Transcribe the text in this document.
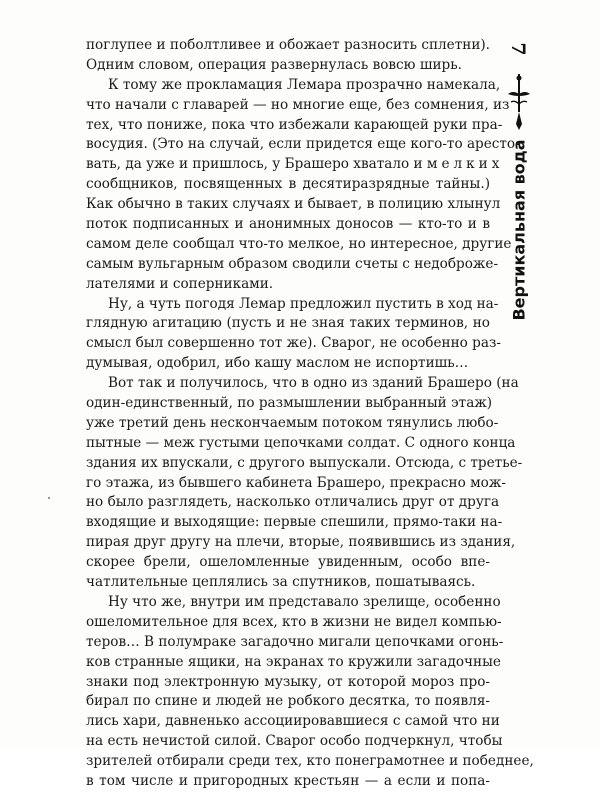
поглупее и поболтливее и обожает разносить сплетни).
Одним словом, операция развернулась вовсю ширь.
К тому же прокламация Лемара прозрачно намекала,
что начали с главарей — но многие еще, без сомнения, из
тех, что пониже, пока что избежали карающей руки пра-
восудия. (Это на случай, если придется еще кого-то аресто-
вать, да уже и пришлось, у Брашеро хватало и мелких
сообщников, посвященных в десятиразрядные тайны.)
Как обычно в таких случаях и бывает, в полицию хлынул
поток подписанных и анонимных доносов — кто-то и в
самом деле сообщал что-то мелкое, но интересное, другие
самым вульгарным образом сводили счеты с недоброже-
лателями и соперниками.
Ну, а чуть погодя Лемар предложил пустить в ход на-
глядную агитацию (пусть и не зная таких терминов, но
смысл был совершенно тот же). Сварог, не особенно раз-
думывая, одобрил, ибо кашу маслом не испортишь…
Вот так и получилось, что в одно из зданий Брашеро (на
один-единственный, по размышлении выбранный этаж)
уже третий день нескончаемым потоком тянулись любо-
пытные — меж густыми цепочками солдат. С одного конца
здания их впускали, с другого выпускали. Отсюда, с третье-
го этажа, из бывшего кабинета Брашеро, прекрасно мож-
но было разглядеть, насколько отличались друг от друга
входящие и выходящие: первые спешили, прямо-таки на-
пирая друг другу на плечи, вторые, появившись из здания,
скорее брели, ошеломленные увиденным, особо впе-
чатлительные цеплялись за спутников, пошатываясь.
Ну что же, внутри им представало зрелище, особенно
ошеломительное для всех, кто в жизни не видел компью-
теров… В полумраке загадочно мигали цепочками огонь-
ков странные ящики, на экранах то кружили загадочные
знаки под электронную музыку, от которой мороз про-
бирал по спине и людей не робкого десятка, то появля-
лись хари, давненько ассоциировавшиеся с самой что ни
на есть нечистой силой. Сварог особо подчеркнул, чтобы
зрителей отбирали среди тех, кто понеграмотнее и победнее,
в том числе и пригородных крестьян — а если и попа-
7
Вертикальная вода
